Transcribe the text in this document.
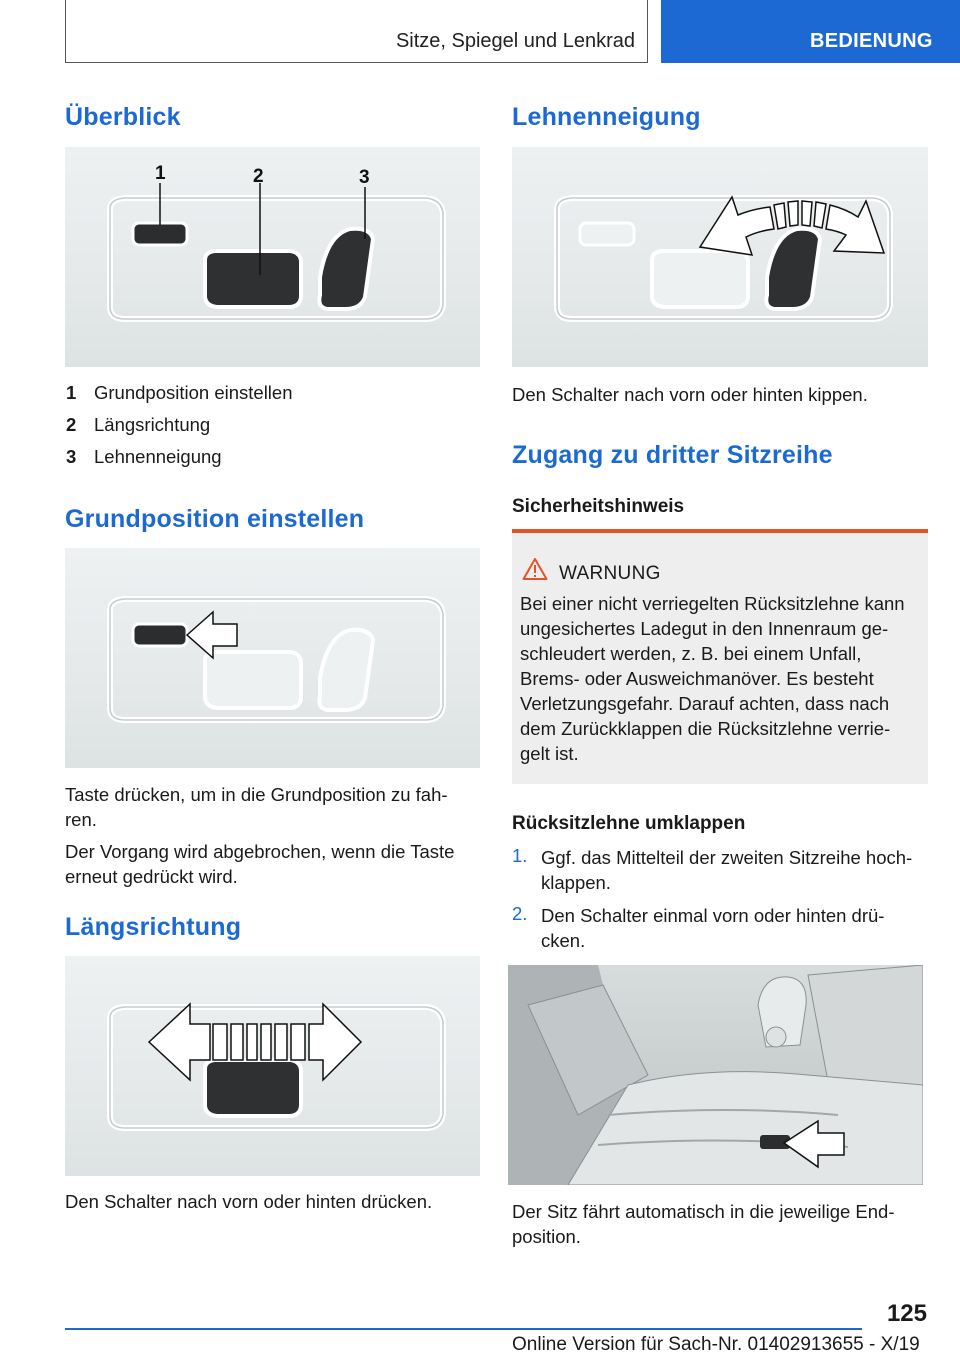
Sitze, Spiegel und Lenkrad	BEDIENUNG
Überblick
1	2	3
1 Grundposition einstellen
2 Längsrichtung
3 Lehnenneigung
Grundposition einstellen
Taste drücken, um in die Grundposition zu fah-
ren.
Der Vorgang wird abgebrochen, wenn die Taste
erneut gedrückt wird.
Längsrichtung
Den Schalter nach vorn oder hinten drücken.
Lehnenneigung
Den Schalter nach vorn oder hinten kippen.
Zugang zu dritter Sitzreihe
Sicherheitshinweis
WARNUNG
Bei einer nicht verriegelten Rücksitzlehne kann
ungesichertes Ladegut in den Innenraum ge-
schleudert werden, z. B. bei einem Unfall,
Brems- oder Ausweichmanöver. Es besteht
Verletzungsgefahr. Darauf achten, dass nach
dem Zurückklappen die Rücksitzlehne verrie-
gelt ist.
Rücksitzlehne umklappen
1. Ggf. das Mittelteil der zweiten Sitzreihe hoch-
klappen.
2. Den Schalter einmal vorn oder hinten drü-
cken.
Der Sitz fährt automatisch in die jeweilige End-
position.
125
Online Version für Sach-Nr. 01402913655 - X/19
